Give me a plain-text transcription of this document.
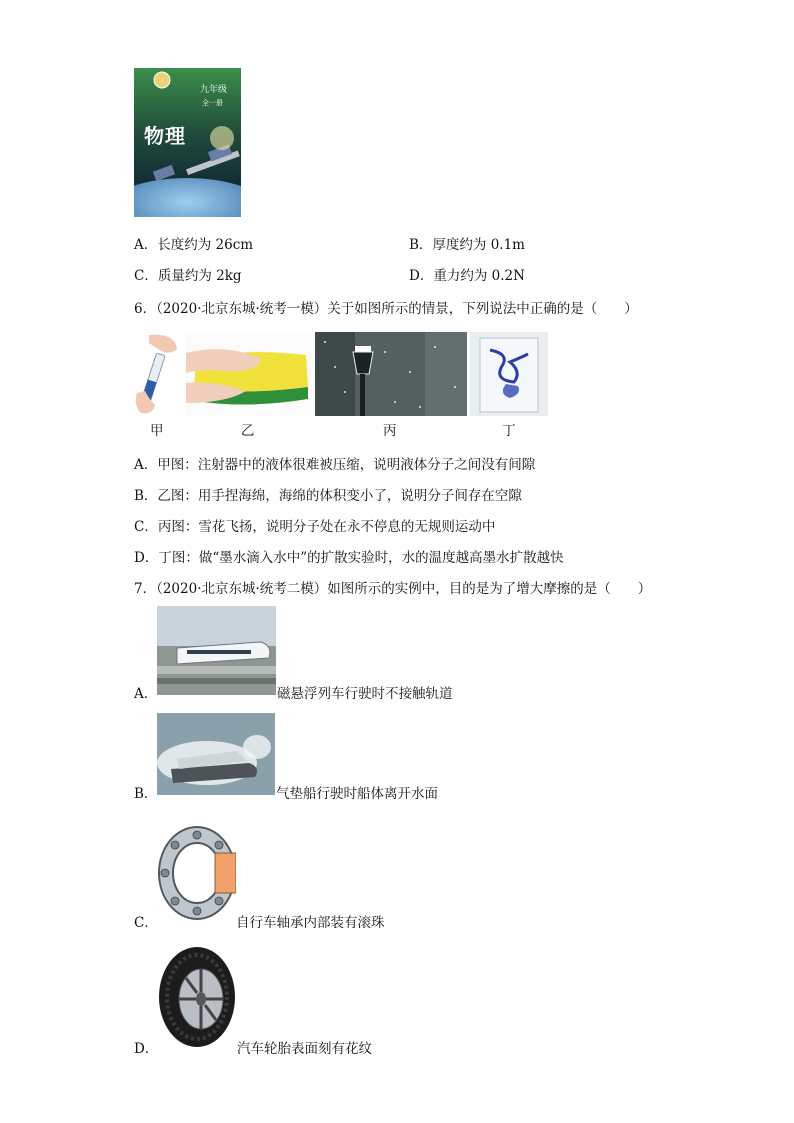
九年级
全一册
物理
A．长度约为 26cm	B．厚度约为 0.1m
C．质量约为 2kg	D．重力约为 0.2N
6．（2020·北京东城·统考一模）关于如图所示的情景，下列说法中正确的是（　　）
甲	乙	丙	丁
A．甲图：注射器中的液体很难被压缩，说明液体分子之间没有间隙
B．乙图：用手捏海绵，海绵的体积变小了，说明分子间存在空隙
C．丙图：雪花飞扬，说明分子处在永不停息的无规则运动中
D．丁图：做“墨水滴入水中”的扩散实验时，水的温度越高墨水扩散越快
7．（2020·北京东城·统考二模）如图所示的实例中，目的是为了增大摩擦的是（　　）
A．	磁悬浮列车行驶时不接触轨道
B．	气垫船行驶时船体离开水面
C．	自行车轴承内部装有滚珠
D．	汽车轮胎表面刻有花纹
